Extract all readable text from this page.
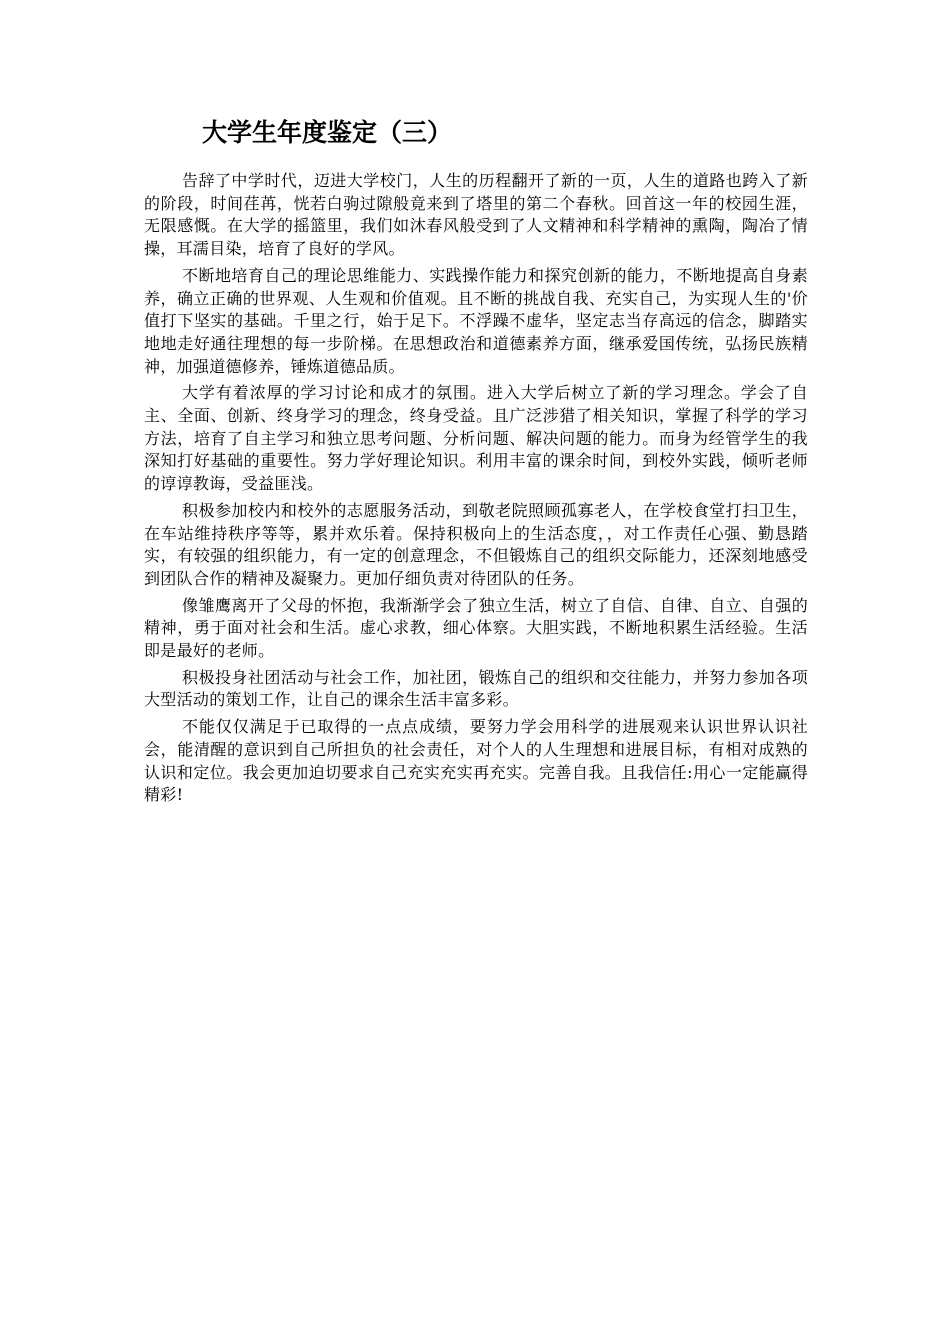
大学生年度鉴定（三）

告辞了中学时代，迈进大学校门，人生的历程翻开了新的一页，人生的道路也跨入了新的阶段，时间荏苒，恍若白驹过隙般竟来到了塔里的第二个春秋。回首这一年的校园生涯，无限感慨。在大学的摇篮里，我们如沐春风般受到了人文精神和科学精神的熏陶，陶冶了情操，耳濡目染，培育了良好的学风。

不断地培育自己的理论思维能力、实践操作能力和探究创新的能力，不断地提高自身素养，确立正确的世界观、人生观和价值观。且不断的挑战自我、充实自己，为实现人生的'价值打下坚实的基础。千里之行，始于足下。不浮躁不虚华，坚定志当存高远的信念，脚踏实地地走好通往理想的每一步阶梯。在思想政治和道德素养方面，继承爱国传统，弘扬民族精神，加强道德修养，锤炼道德品质。

大学有着浓厚的学习讨论和成才的氛围。进入大学后树立了新的学习理念。学会了自主、全面、创新、终身学习的理念，终身受益。且广泛涉猎了相关知识，掌握了科学的学习方法，培育了自主学习和独立思考问题、分析问题、解决问题的能力。而身为经管学生的我深知打好基础的重要性。努力学好理论知识。利用丰富的课余时间，到校外实践，倾听老师的谆谆教诲，受益匪浅。

积极参加校内和校外的志愿服务活动，到敬老院照顾孤寡老人，在学校食堂打扫卫生，在车站维持秩序等等，累并欢乐着。保持积极向上的生活态度，，对工作责任心强、勤恳踏实，有较强的组织能力，有一定的创意理念，不但锻炼自己的组织交际能力，还深刻地感受到团队合作的精神及凝聚力。更加仔细负责对待团队的任务。

像雏鹰离开了父母的怀抱，我渐渐学会了独立生活，树立了自信、自律、自立、自强的精神，勇于面对社会和生活。虚心求教，细心体察。大胆实践，不断地积累生活经验。生活即是最好的老师。

积极投身社团活动与社会工作，加社团，锻炼自己的组织和交往能力，并努力参加各项大型活动的策划工作，让自己的课余生活丰富多彩。

不能仅仅满足于已取得的一点点成绩，要努力学会用科学的进展观来认识世界认识社会，能清醒的意识到自己所担负的社会责任，对个人的人生理想和进展目标，有相对成熟的认识和定位。我会更加迫切要求自己充实充实再充实。完善自我。且我信任:用心一定能赢得精彩!
